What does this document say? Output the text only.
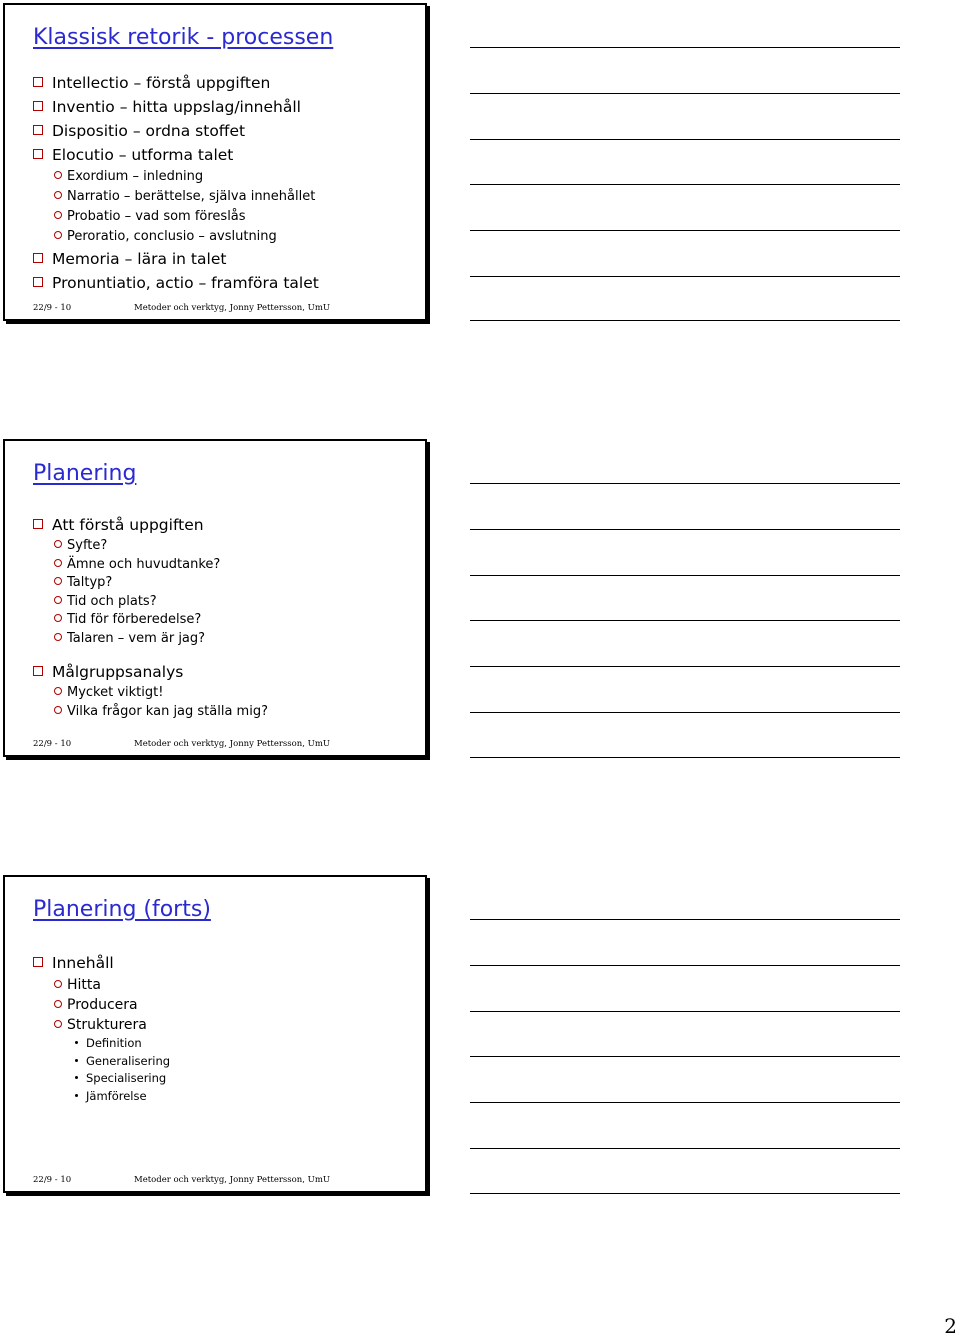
Klassisk retorik - processen
Intellectio – förstå uppgiften
Inventio – hitta uppslag/innehåll
Dispositio – ordna stoffet
Elocutio – utforma talet
Exordium – inledning
Narratio – berättelse, själva innehållet
Probatio – vad som föreslås
Peroratio, conclusio – avslutning
Memoria – lära in talet
Pronuntiatio, actio – framföra talet
22/9 - 10	Metoder och verktyg, Jonny Pettersson, UmU
Planering
Att förstå uppgiften
Syfte?
Ämne och huvudtanke?
Taltyp?
Tid och plats?
Tid för förberedelse?
Talaren – vem är jag?
Målgruppsanalys
Mycket viktigt!
Vilka frågor kan jag ställa mig?
22/9 - 10	Metoder och verktyg, Jonny Pettersson, UmU
Planering (forts)
Innehåll
Hitta
Producera
Strukturera
Definition
Generalisering
Specialisering
Jämförelse
22/9 - 10	Metoder och verktyg, Jonny Pettersson, UmU
2
